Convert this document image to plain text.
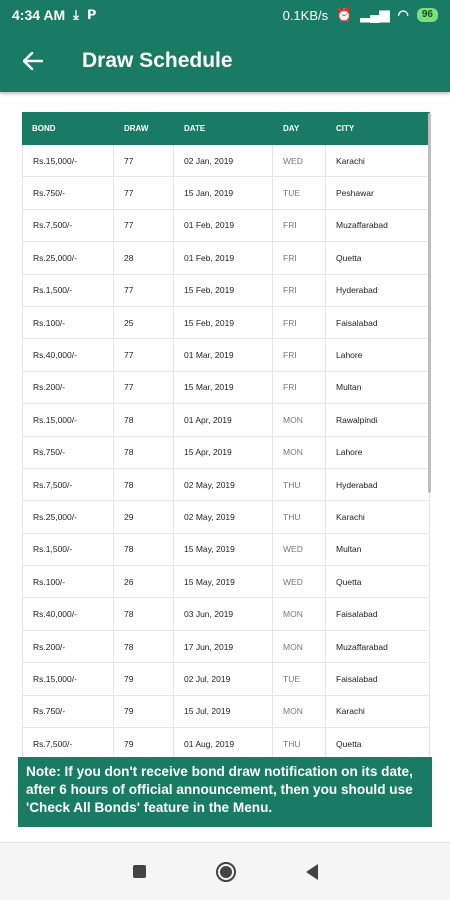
4:34 AM ⤓ 𝗣	0.1KB/s ⏰ ▂▄▆ ◠	96
Draw Schedule
BOND	DRAW	DATE	DAY	CITY
Rs.15,000/-	77	02 Jan, 2019	WED	Karachi
Rs.750/-	77	15 Jan, 2019	TUE	Peshawar
Rs.7,500/-	77	01 Feb, 2019	FRI	Muzaffarabad
Rs.25,000/-	28	01 Feb, 2019	FRI	Quetta
Rs.1,500/-	77	15 Feb, 2019	FRI	Hyderabad
Rs.100/-	25	15 Feb, 2019	FRI	Faisalabad
Rs.40,000/-	77	01 Mar, 2019	FRI	Lahore
Rs.200/-	77	15 Mar, 2019	FRI	Multan
Rs.15,000/-	78	01 Apr, 2019	MON	Rawalpindi
Rs.750/-	78	15 Apr, 2019	MON	Lahore
Rs.7,500/-	78	02 May, 2019	THU	Hyderabad
Rs.25,000/-	29	02 May, 2019	THU	Karachi
Rs.1,500/-	78	15 May, 2019	WED	Multan
Rs.100/-	26	15 May, 2019	WED	Quetta
Rs.40,000/-	78	03 Jun, 2019	MON	Faisalabad
Rs.200/-	78	17 Jun, 2019	MON	Muzaffarabad
Rs.15,000/-	79	02 Jul, 2019	TUE	Faisalabad
Rs.750/-	79	15 Jul, 2019	MON	Karachi
Rs.7,500/-	79	01 Aug, 2019	THU	Quetta
Note: If you don't receive bond draw notification on its date, after 6 hours of official announcement, then you should use 'Check All Bonds' feature in the Menu.
